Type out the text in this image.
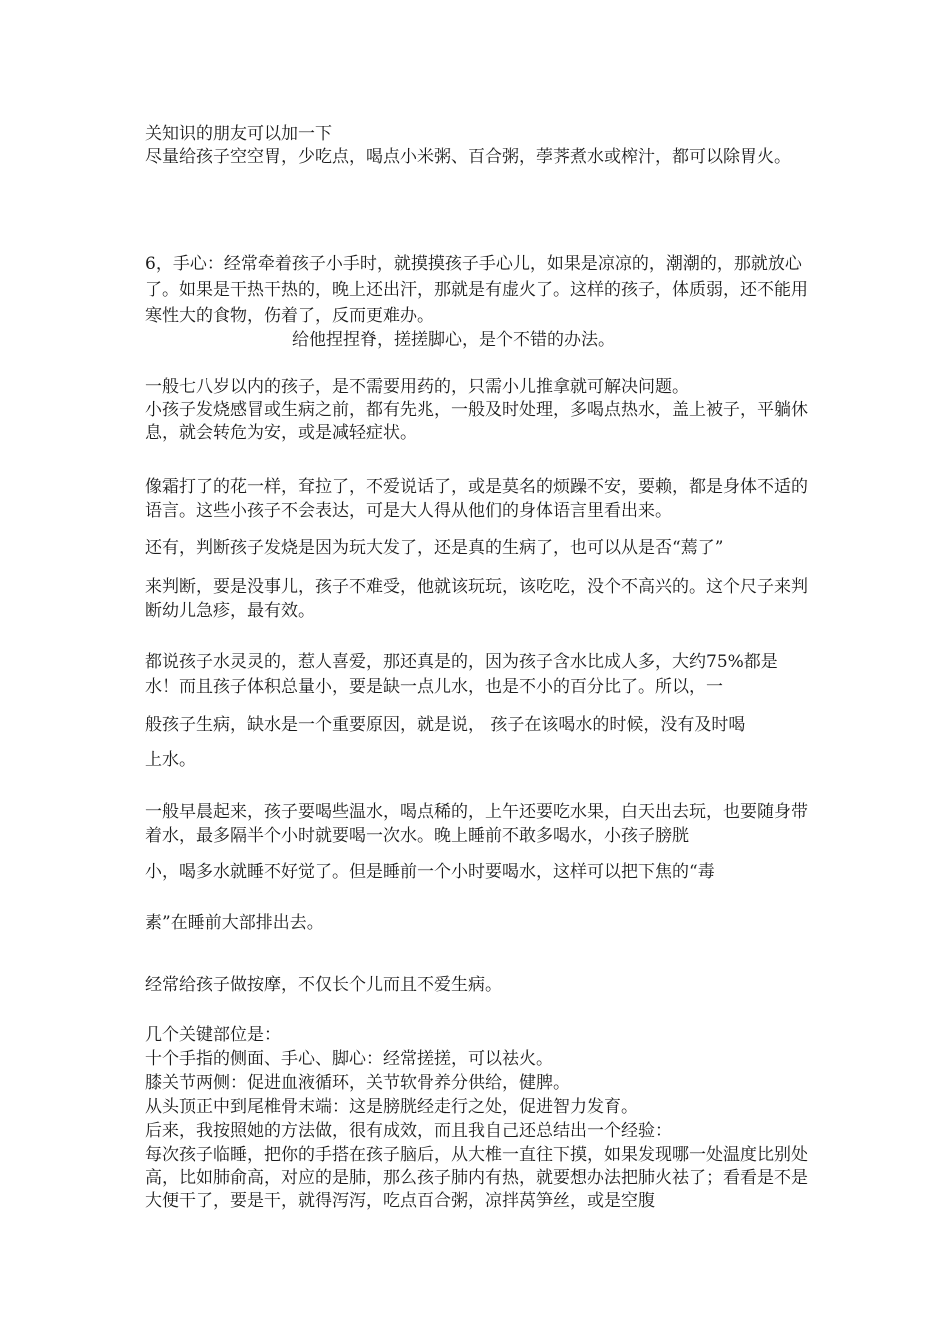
关知识的朋友可以加一下

尽量给孩子空空胃，少吃点，喝点小米粥、百合粥，荸荠煮水或榨汁，都可以除胃火。

6，手心：经常牵着孩子小手时，就摸摸孩子手心儿，如果是凉凉的，潮潮的，那就放心了。如果是干热干热的，晚上还出汗，那就是有虚火了。这样的孩子，体质弱，还不能用寒性大的食物，伤着了，反而更难办。

给他捏捏脊，搓搓脚心，是个不错的办法。

一般七八岁以内的孩子，是不需要用药的，只需小儿推拿就可解决问题。

小孩子发烧感冒或生病之前，都有先兆，一般及时处理，多喝点热水，盖上被子，平躺休息，就会转危为安，或是减轻症状。

像霜打了的花一样，耷拉了，不爱说话了，或是莫名的烦躁不安，要赖，都是身体不适的语言。这些小孩子不会表达，可是大人得从他们的身体语言里看出来。

还有，判断孩子发烧是因为玩大发了，还是真的生病了，也可以从是否“蔫了”

来判断，要是没事儿，孩子不难受，他就该玩玩，该吃吃，没个不高兴的。这个尺子来判断幼儿急疹，最有效。

都说孩子水灵灵的，惹人喜爱，那还真是的，因为孩子含水比成人多，大约75%都是水！而且孩子体积总量小，要是缺一点儿水，也是不小的百分比了。所以，一

般孩子生病，缺水是一个重要原因，就是说， 孩子在该喝水的时候，没有及时喝

上水。

一般早晨起来，孩子要喝些温水，喝点稀的，上午还要吃水果，白天出去玩，也要随身带着水，最多隔半个小时就要喝一次水。晚上睡前不敢多喝水，小孩子膀胱

小，喝多水就睡不好觉了。但是睡前一个小时要喝水，这样可以把下焦的“毒

素”在睡前大部排出去。

经常给孩子做按摩，不仅长个儿而且不爱生病。

几个关键部位是：

十个手指的侧面、手心、脚心：经常搓搓，可以祛火。

膝关节两侧：促进血液循环，关节软骨养分供给，健脾。

从头顶正中到尾椎骨末端：这是膀胱经走行之处，促进智力发育。

后来，我按照她的方法做，很有成效，而且我自己还总结出一个经验：

每次孩子临睡，把你的手搭在孩子脑后，从大椎一直往下摸，如果发现哪一处温度比别处高，比如肺俞高，对应的是肺，那么孩子肺内有热，就要想办法把肺火祛了；看看是不是大便干了，要是干，就得泻泻，吃点百合粥，凉拌莴笋丝，或是空腹
